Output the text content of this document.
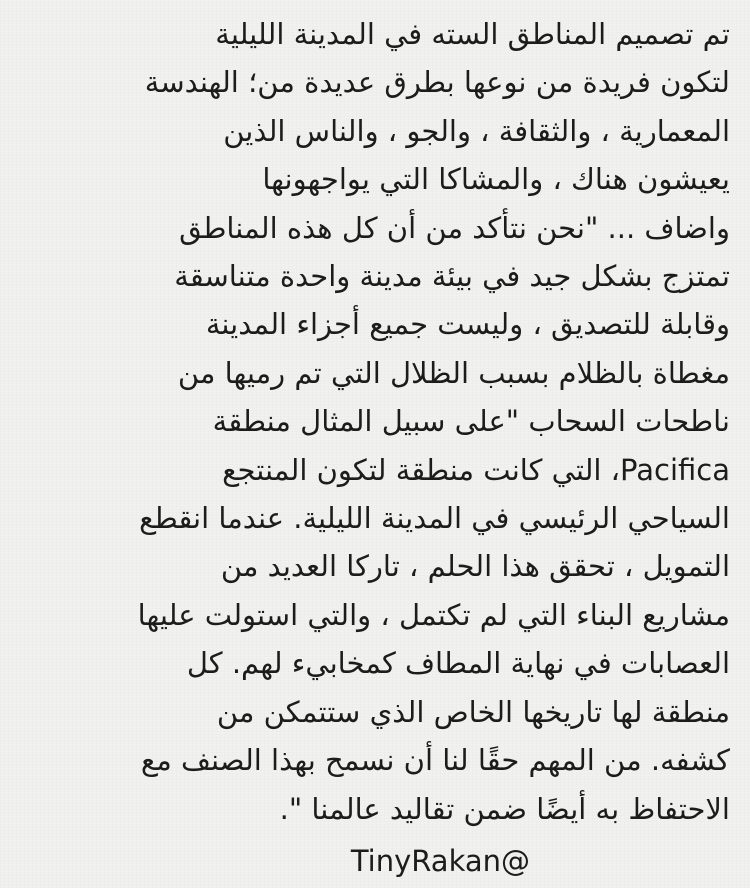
تم تصميم المناطق السته في المدينة الليلية
لتكون فريدة من نوعها بطرق عديدة من؛ الهندسة
المعمارية ، والثقافة ، والجو ، والناس الذين
يعيشون هناك ، والمشاكا التي يواجهونها
واضاف ... "نحن نتأكد من أن كل هذه المناطق
تمتزج بشكل جيد في بيئة مدينة واحدة متناسقة
وقابلة للتصديق ، وليست جميع أجزاء المدينة
مغطاة بالظلام بسبب الظلال التي تم رميها من
ناطحات السحاب "على سبيل المثال منطقة
Pacifica، التي كانت منطقة لتكون المنتجع
السياحي الرئيسي في المدينة الليلية. عندما انقطع
التمويل ، تحقق هذا الحلم ، تاركا العديد من
مشاريع البناء التي لم تكتمل ، والتي استولت عليها
العصابات في نهاية المطاف كمخابيء لهم. كل
منطقة لها تاريخها الخاص الذي ستتمكن من
كشفه. من المهم حقًا لنا أن نسمح بهذا الصنف مع
الاحتفاظ به أيضًا ضمن تقاليد عالمنا ".
TinyRakan@
